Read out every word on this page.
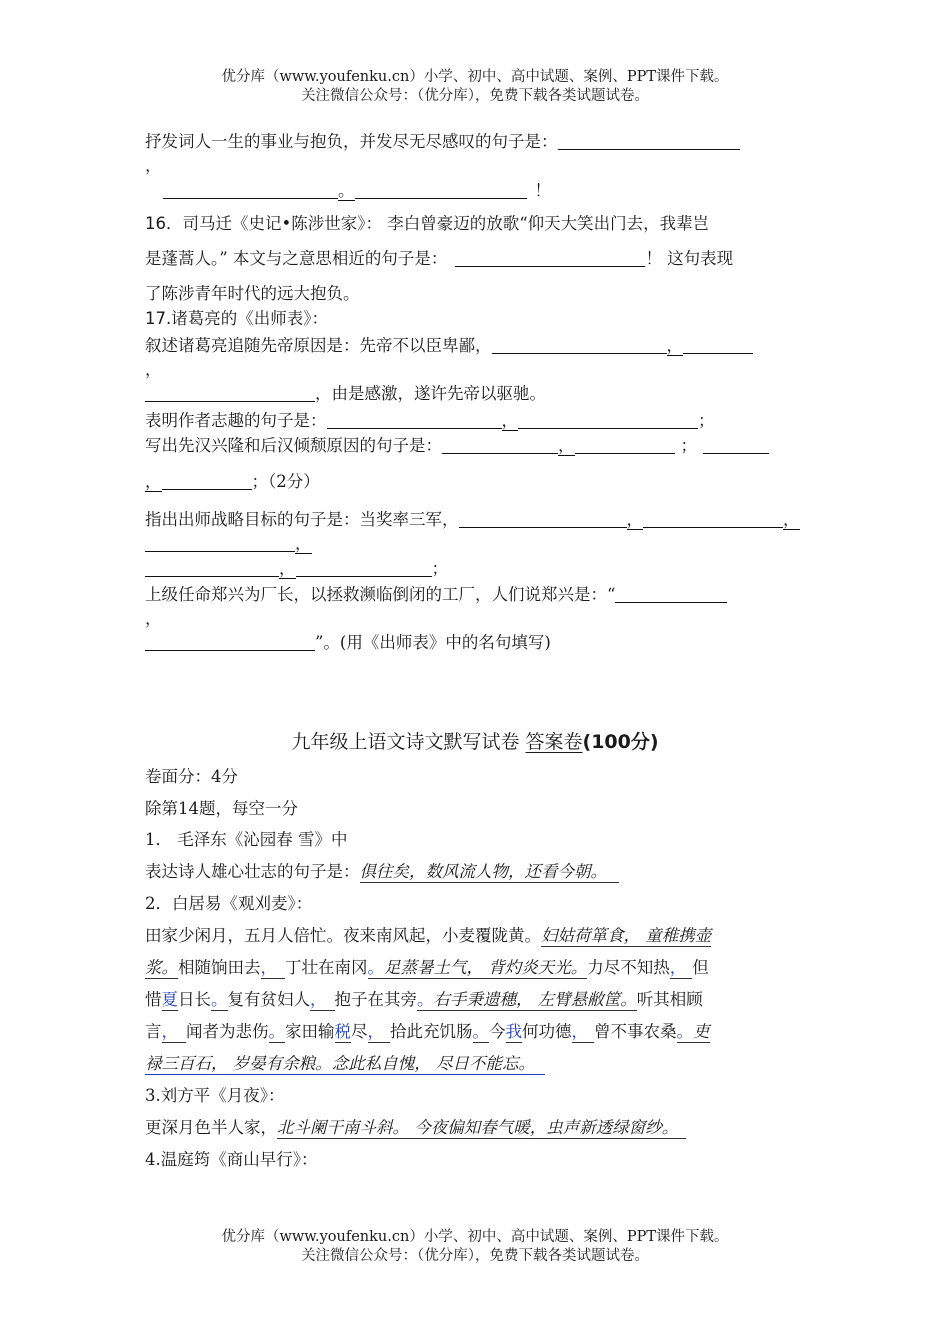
优分库（www.youfenku.cn）小学、初中、高中试题、案例、PPT课件下载。
关注微信公众号：（优分库），免费下载各类试题试卷。
抒发词人一生的事业与抱负，并发尽无尽感叹的句子是：
，
。	！
16．司马迁《史记•陈涉世家》： 李白曾豪迈的放歌“仰天大笑出门去，我辈岂
是蓬蒿人。” 本文与之意思相近的句子是：	！ 这句表现
了陈涉青年时代的远大抱负。
17.诸葛亮的《出师表》：
叙述诸葛亮追随先帝原因是：先帝不以臣卑鄙，	，
，
，由是感激，遂许先帝以驱驰。
表明作者志趣的句子是：	，	；
写出先汉兴隆和后汉倾颓原因的句子是：	，	；
，	；（2分）
指出出师战略目标的句子是：当奖率三军，	，	，
，
，	；
上级任命郑兴为厂长，以拯救濒临倒闭的工厂，人们说郑兴是：“
，
”。(用《出师表》中的名句填写)
九年级上语文诗文默写试卷 答案卷(100分)
卷面分：4分
除第14题，每空一分
1． 毛泽东《沁园春 雪》中
表达诗人雄心壮志的句子是：俱往矣，数风流人物，还看今朝。
2．白居易《观刈麦》：
田家少闲月，五月人倍忙。夜来南风起，小麦覆陇黄。妇姑荷箪食， 童稚携壶
浆。相随饷田去， 丁壮在南冈。足蒸暑土气， 背灼炎天光。力尽不知热， 但
惜夏日长。复有贫妇人， 抱子在其旁。右手秉遗穗， 左臂悬敝筐。听其相顾
言， 闻者为悲伤。家田输税尽， 拾此充饥肠。今我何功德， 曾不事农桑。吏
禄三百石， 岁晏有余粮。念此私自愧， 尽日不能忘。
3.刘方平《月夜》：
更深月色半人家，北斗阑干南斗斜。 今夜偏知春气暖，虫声新透绿窗纱。
4.温庭筠《商山早行》：
优分库（www.youfenku.cn）小学、初中、高中试题、案例、PPT课件下载。
关注微信公众号：（优分库），免费下载各类试题试卷。
